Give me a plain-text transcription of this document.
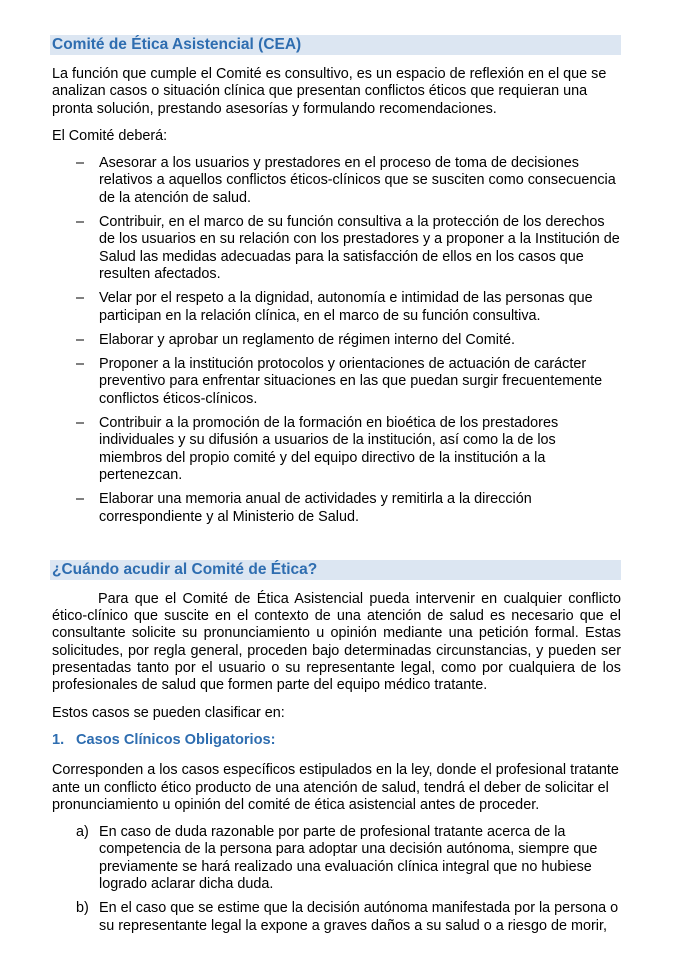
Comité de Ética Asistencial (CEA)

La función que cumple el Comité es consultivo, es un espacio de reflexión en el que se analizan casos o situación clínica que presentan conflictos éticos que requieran una pronta solución, prestando asesorías y formulando recomendaciones.

El Comité deberá:

– Asesorar a los usuarios y prestadores en el proceso de toma de decisiones relativos a aquellos conflictos éticos-clínicos que se susciten como consecuencia de la atención de salud.
– Contribuir, en el marco de su función consultiva a la protección de los derechos de los usuarios en su relación con los prestadores y a proponer a la Institución de Salud las medidas adecuadas para la satisfacción de ellos en los casos que resulten afectados.
– Velar por el respeto a la dignidad, autonomía e intimidad de las personas que participan en la relación clínica, en el marco de su función consultiva.
– Elaborar y aprobar un reglamento de régimen interno del Comité.
– Proponer a la institución protocolos y orientaciones de actuación de carácter preventivo para enfrentar situaciones en las que puedan surgir frecuentemente conflictos éticos-clínicos.
– Contribuir a la promoción de la formación en bioética de los prestadores individuales y su difusión a usuarios de la institución, así como la de los miembros del propio comité y del equipo directivo de la institución a la pertenezcan.
– Elaborar una memoria anual de actividades y remitirla a la dirección correspondiente y al Ministerio de Salud.
¿Cuándo acudir al Comité de Ética?

Para que el Comité de Ética Asistencial pueda intervenir en cualquier conflicto ético-clínico que suscite en el contexto de una atención de salud es necesario que el consultante solicite su pronunciamiento u opinión mediante una petición formal. Estas solicitudes, por regla general, proceden bajo determinadas circunstancias, y pueden ser presentadas tanto por el usuario o su representante legal, como por cualquiera de los profesionales de salud que formen parte del equipo médico tratante.

Estos casos se pueden clasificar en:

1. Casos Clínicos Obligatorios:

Corresponden a los casos específicos estipulados en la ley, donde el profesional tratante ante un conflicto ético producto de una atención de salud, tendrá el deber de solicitar el pronunciamiento u opinión del comité de ética asistencial antes de proceder.

a) En caso de duda razonable por parte de profesional tratante acerca de la competencia de la persona para adoptar una decisión autónoma, siempre que previamente se hará realizado una evaluación clínica integral que no hubiese logrado aclarar dicha duda.
b) En el caso que se estime que la decisión autónoma manifestada por la persona o su representante legal la expone a graves daños a su salud o a riesgo de morir,
